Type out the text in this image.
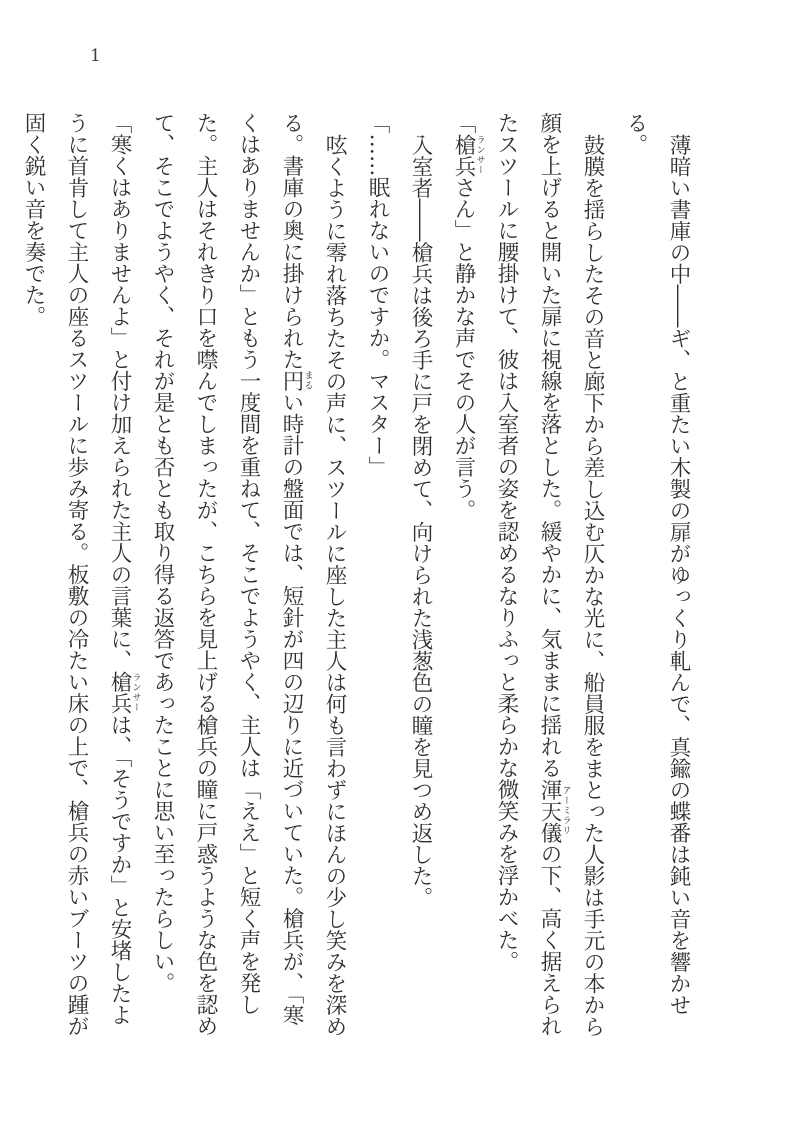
1

薄暗い書庫の中――ギ、と重たい木製の扉がゆっくり軋んで、真鍮の蝶番は鈍い音を響かせる。

鼓膜を揺らしたその音と廊下から差し込む仄かな光に、船員服をまとった人影は手元の本から顔を上げると開いた扉に視線を落とした。緩やかに、気ままに揺れる渾天儀アーミラリの下、高く据えられたスツールに腰掛けて、彼は入室者の姿を認めるなりふっと柔らかな微笑みを浮かべた。

「槍兵ランサーさん」と静かな声でその人が言う。

入室者――槍兵は後ろ手に戸を閉めて、向けられた浅葱色の瞳を見つめ返した。

「……眠れないのですか。マスター」

呟くように零れ落ちたその声に、スツールに座した主人は何も言わずにほんの少し笑みを深める。書庫の奥に掛けられた円まるい時計の盤面では、短針が四の辺りに近づいていた。槍兵が、「寒くはありませんか」ともう一度間を重ねて、そこでようやく、主人は「ええ」と短く声を発した。主人はそれきり口を噤んでしまったが、こちらを見上げる槍兵の瞳に戸惑うような色を認めて、そこでようやく、それが是とも否とも取り得る返答であったことに思い至ったらしい。

「寒くはありませんよ」と付け加えられた主人の言葉に、槍兵ランサーは、「そうですか」と安堵したように首肯して主人の座るスツールに歩み寄る。板敷の冷たい床の上で、槍兵の赤いブーツの踵が固く鋭い音を奏でた。
